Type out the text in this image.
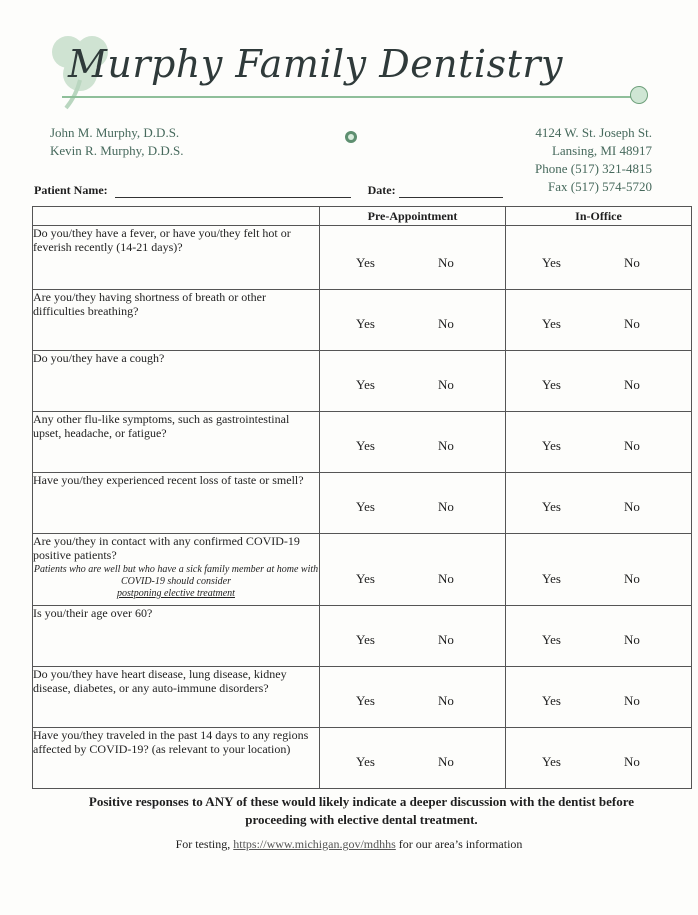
Murphy Family Dentistry
John M. Murphy, D.D.S.
Kevin R. Murphy, D.D.S.
4124 W. St. Joseph St.
Lansing, MI 48917
Phone (517) 321-4815
Fax (517) 574-5720
Patient Name:	Date:
	Pre-Appointment	In-Office
Do you/they have a fever, or have you/they felt hot or feverish recently (14-21 days)?	Yes No	Yes No

Are you/they having shortness of breath or other difficulties breathing?	Yes No	Yes No

Do you/they have a cough?	Yes No	Yes No

Any other flu-like symptoms, such as gastrointestinal upset, headache, or fatigue?	Yes No	Yes No

Have you/they experienced recent loss of taste or smell?	Yes No	Yes No

Are you/they in contact with any confirmed COVID-19 positive patients?
Patients who are well but who have a sick family member at home with COVID-19 should consider
postponing elective treatment	Yes No	Yes No

Is you/their age over 60?	Yes No	Yes No

Do you/they have heart disease, lung disease, kidney disease, diabetes, or any auto-immune disorders?	Yes No	Yes No

Have you/they traveled in the past 14 days to any regions affected by COVID-19? (as relevant to your location)	Yes No	Yes No
Positive responses to ANY of these would likely indicate a deeper discussion with the dentist before
proceeding with elective dental treatment.
For testing, https://www.michigan.gov/mdhhs for our area’s information
